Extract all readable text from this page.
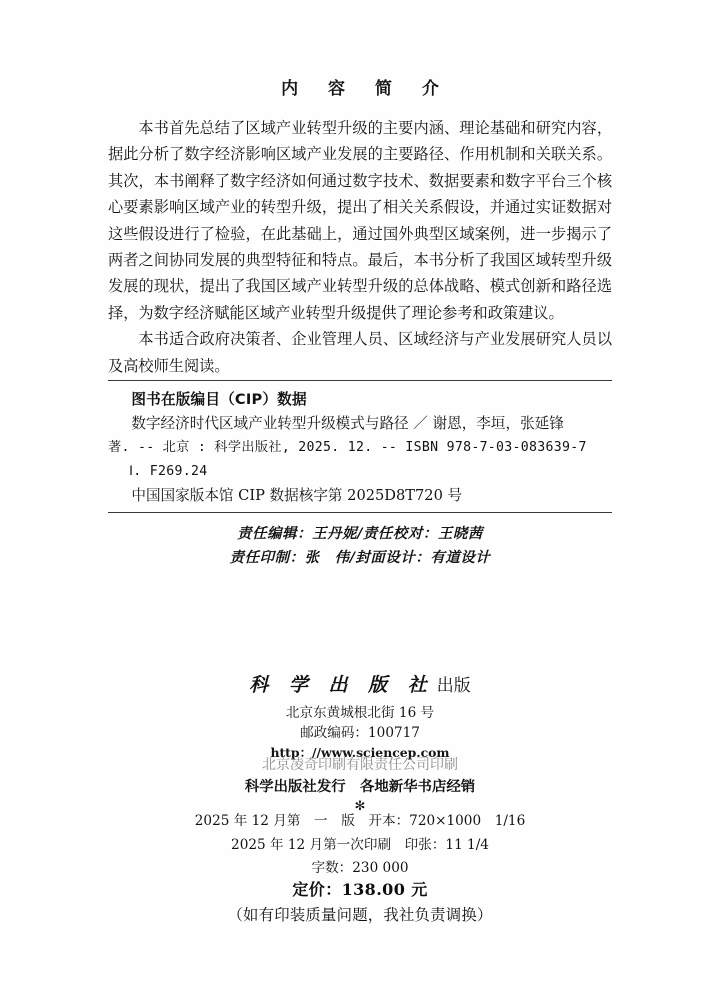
内 容 简 介

本书首先总结了区域产业转型升级的主要内涵、理论基础和研究内容，据此分析了数字经济影响区域产业发展的主要路径、作用机制和关联关系。其次，本书阐释了数字经济如何通过数字技术、数据要素和数字平台三个核心要素影响区域产业的转型升级，提出了相关关系假设，并通过实证数据对这些假设进行了检验，在此基础上，通过国外典型区域案例，进一步揭示了两者之间协同发展的典型特征和特点。最后，本书分析了我国区域转型升级发展的现状，提出了我国区域产业转型升级的总体战略、模式创新和路径选择，为数字经济赋能区域产业转型升级提供了理论参考和政策建议。

本书适合政府决策者、企业管理人员、区域经济与产业发展研究人员以及高校师生阅读。

图书在版编目（CIP）数据
数字经济时代区域产业转型升级模式与路径 ／ 谢恩，李垣，张延锋
著. -- 北京 : 科学出版社, 2025. 12. -- ISBN 978-7-03-083639-7
Ⅰ. F269.24
中国国家版本馆 CIP 数据核字第 2025D8T720 号
责任编辑：王丹妮/责任校对：王晓茜
责任印制：张　伟/封面设计：有道设计
科 学 出 版 社 出版
北京东黄城根北街 16 号
邮政编码：100717
http：//www.sciencep.com
北京凌奇印刷有限责任公司印刷
科学出版社发行　各地新华书店经销
✻
2025 年 12 月第　一　版　开本：720×1000　1/16
2025 年 12 月第一次印刷　印张：11 1/4
字数：230 000
定价：138.00 元
（如有印装质量问题，我社负责调换）
